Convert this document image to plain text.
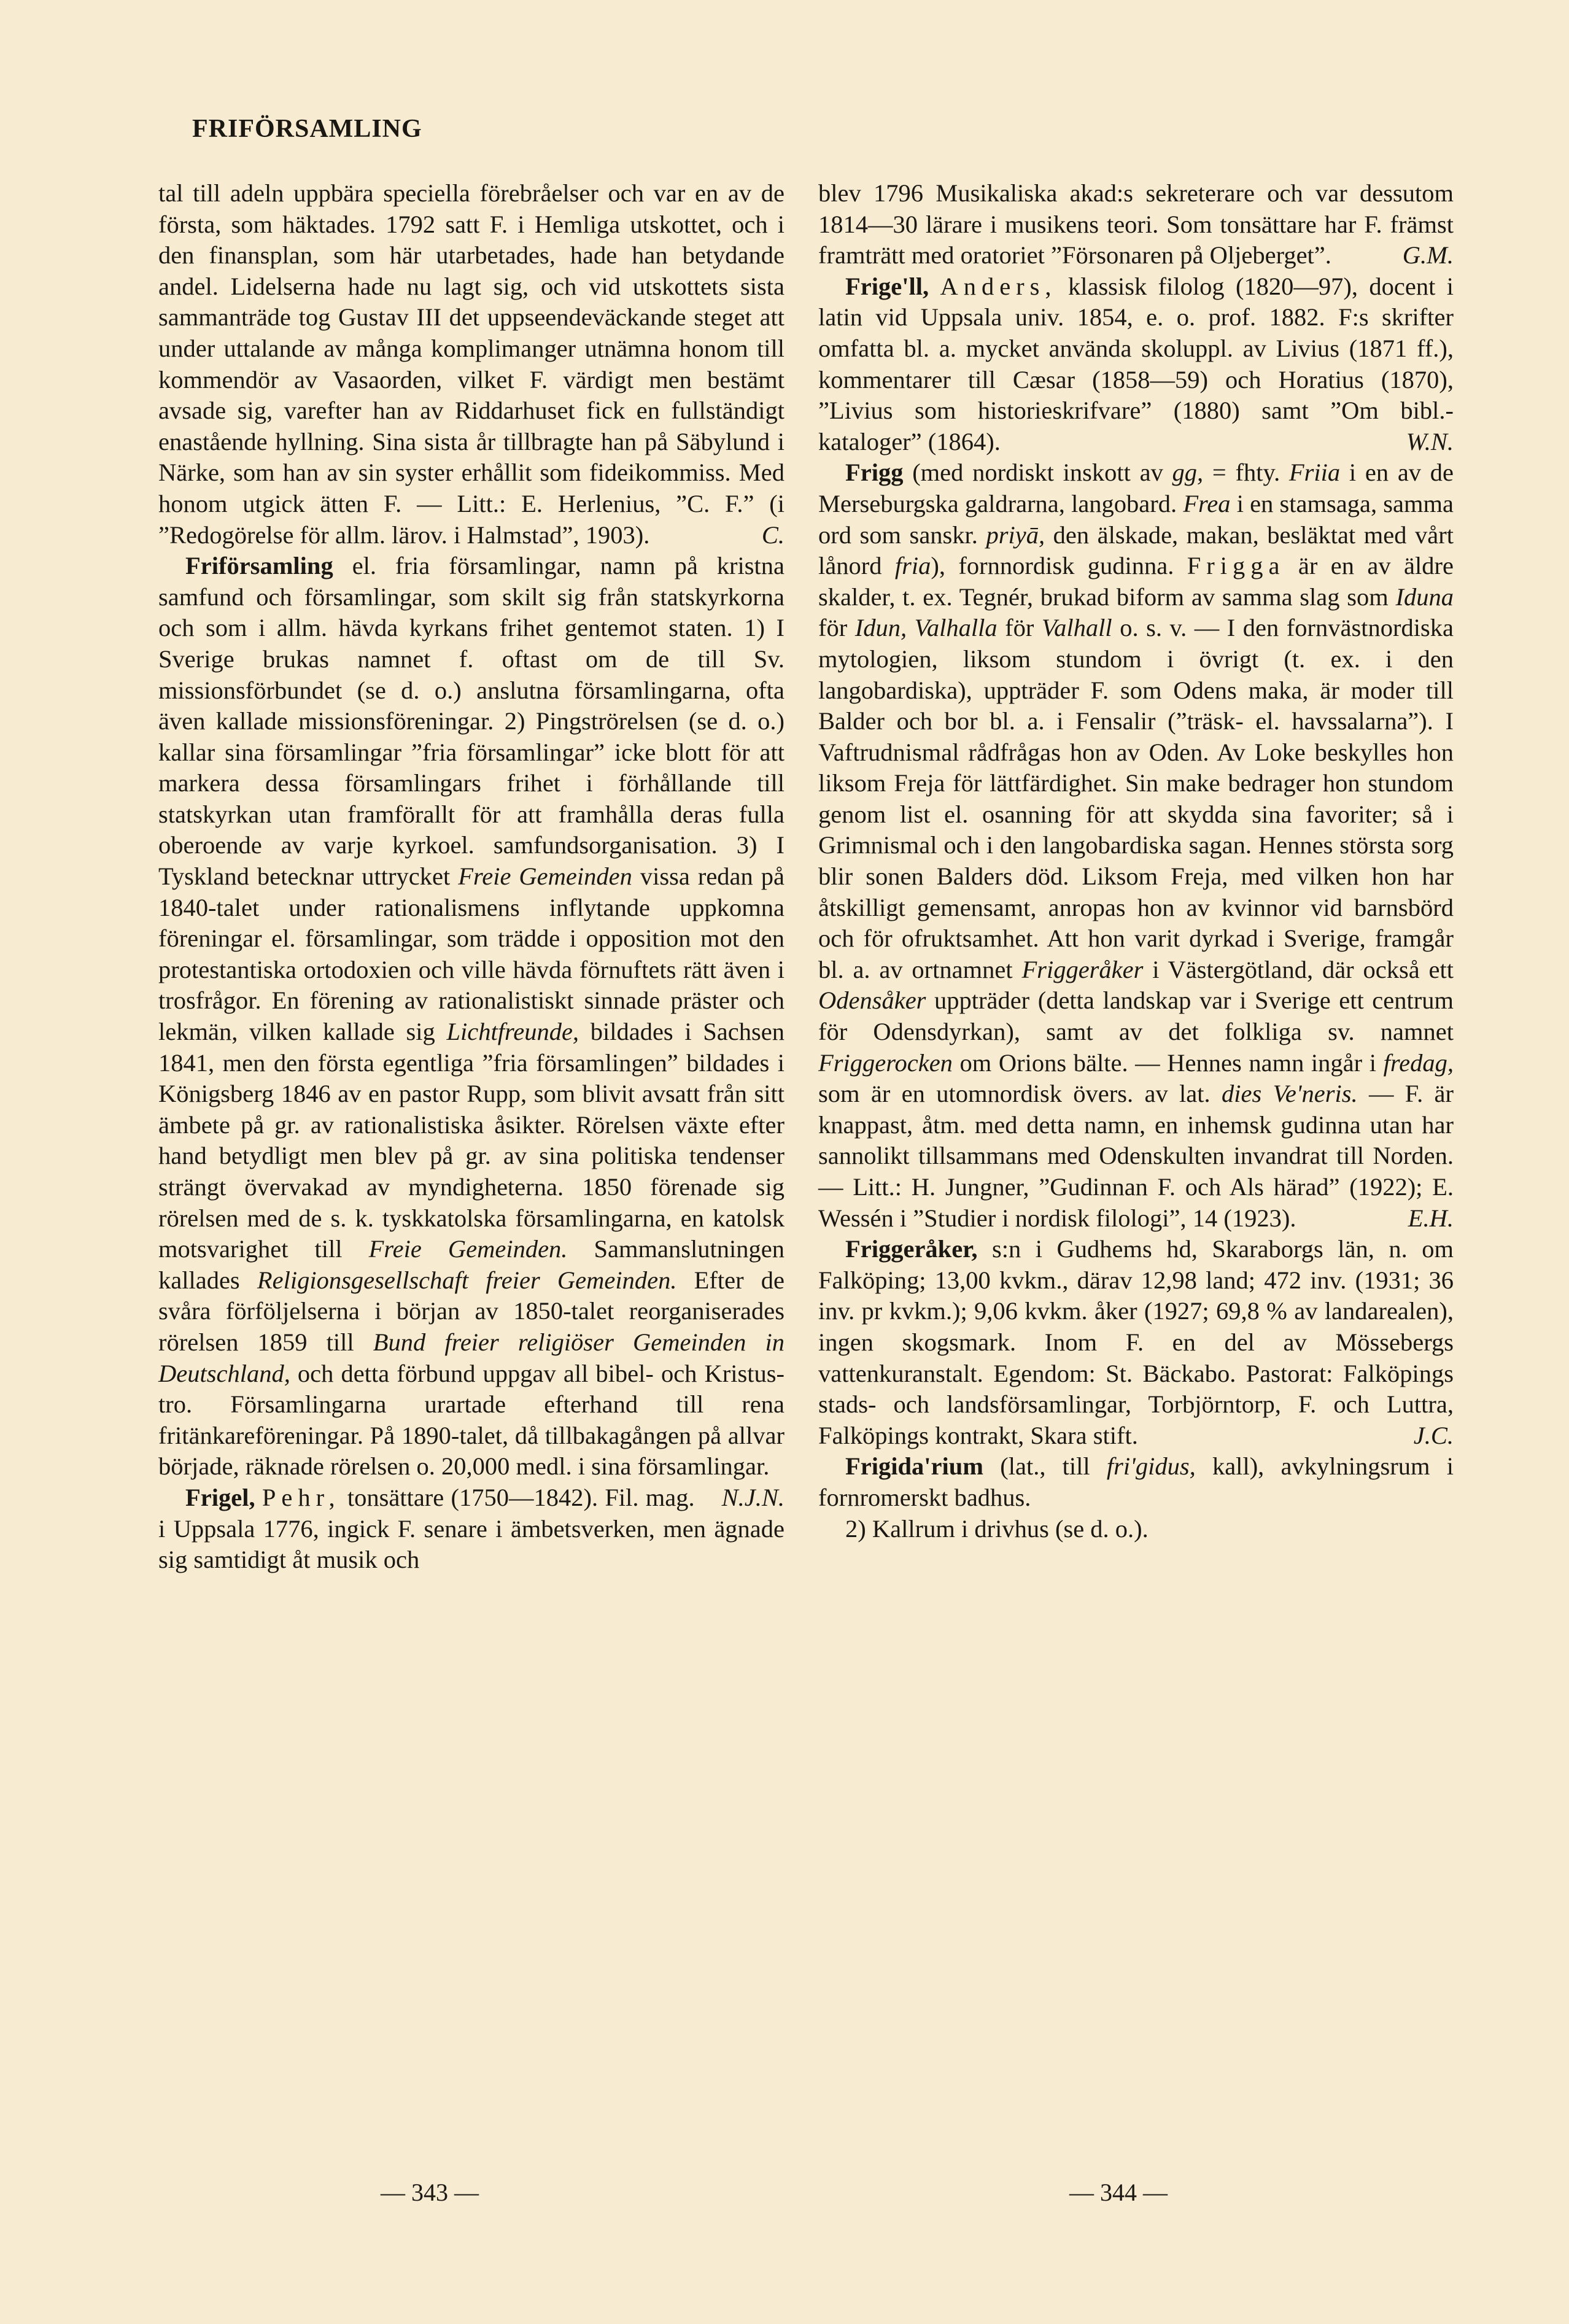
FRIFÖRSAMLING

tal till adeln uppbära speciella förebråelser och var en av de första, som häktades. 1792 satt F. i Hemliga utskottet, och i den finansplan, som här utarbetades, hade han betydande andel. Lidelserna hade nu lagt sig, och vid utskottets sista sammanträde tog Gustav III det uppseendeväckande steget att under uttalande av många komplimanger utnämna honom till kommendör av Vasaorden, vilket F. värdigt men bestämt avsade sig, varefter han av Riddarhuset fick en fullständigt enastående hyllning. Sina sista år tillbragte han på Säbylund i Närke, som han av sin syster erhållit som fideikommiss. Med honom utgick ätten F. — Litt.: E. Herlenius, ”C. F.” (i ”Redogörelse för allm. lärov. i Halmstad”, 1903).	C.

Friförsamling el. fria församlingar, namn på kristna samfund och församlingar, som skilt sig från statskyrkorna och som i allm. hävda kyrkans frihet gentemot staten. 1) I Sverige brukas namnet f. oftast om de till Sv. missionsförbundet (se d. o.) anslutna församlingarna, ofta även kallade missionsföreningar. 2) Pingströrelsen (se d. o.) kallar sina församlingar ”fria församlingar” icke blott för att markera dessa församlingars frihet i förhållande till statskyrkan utan framförallt för att framhålla deras fulla oberoende av varje kyrkoel. samfundsorganisation. 3) I Tyskland betecknar uttrycket Freie Gemeinden vissa redan på 1840-talet under rationalismens inflytande uppkomna föreningar el. församlingar, som trädde i opposition mot den protestantiska ortodoxien och ville hävda förnuftets rätt även i trosfrågor. En förening av rationalistiskt sinnade präster och lekmän, vilken kallade sig Lichtfreunde, bildades i Sachsen 1841, men den första egentliga ”fria församlingen” bildades i Königsberg 1846 av en pastor Rupp, som blivit avsatt från sitt ämbete på gr. av rationalistiska åsikter. Rörelsen växte efter hand betydligt men blev på gr. av sina politiska tendenser strängt övervakad av myndigheterna. 1850 förenade sig rörelsen med de s. k. tyskkatolska församlingarna, en katolsk motsvarighet till Freie Gemeinden. Sammanslutningen kallades Religionsgesellschaft freier Gemeinden. Efter de svåra förföljelserna i början av 1850-talet reorganiserades rörelsen 1859 till Bund freier religiöser Gemeinden in Deutschland, och detta förbund uppgav all bibel- och Kristus-tro. Församlingarna urartade efterhand till rena fritänkareföreningar. På 1890-talet, då tillbakagången på allvar började, räknade rörelsen o. 20,000 medl. i sina församlingar.
N.J.N.

Frigel, Pehr, tonsättare (1750—1842). Fil. mag. i Uppsala 1776, ingick F. senare i ämbetsverken, men ägnade sig samtidigt åt musik och

blev 1796 Musikaliska akad:s sekreterare och var dessutom 1814—30 lärare i musikens teori. Som tonsättare har F. främst framträtt med oratoriet ”Försonaren på Oljeberget”.	G.M.

Frige'll, Anders, klassisk filolog (1820—97), docent i latin vid Uppsala univ. 1854, e. o. prof. 1882. F:s skrifter omfatta bl. a. mycket använda skoluppl. av Livius (1871 ff.), kommentarer till Cæsar (1858—59) och Horatius (1870), ”Livius som historieskrifvare” (1880) samt ”Om bibl.-kataloger” (1864).	W.N.

Frigg (med nordiskt inskott av gg, = fhty. Friia i en av de Merseburgska galdrarna, langobard. Frea i en stamsaga, samma ord som sanskr. priyā, den älskade, makan, besläktat med vårt lånord fria), fornnordisk gudinna. Frigga är en av äldre skalder, t. ex. Tegnér, brukad biform av samma slag som Iduna för Idun, Valhalla för Valhall o. s. v. — I den fornvästnordiska mytologien, liksom stundom i övrigt (t. ex. i den langobardiska), uppträder F. som Odens maka, är moder till Balder och bor bl. a. i Fensalir (”träsk- el. havssalarna”). I Vaftrudnismal rådfrågas hon av Oden. Av Loke beskylles hon liksom Freja för lättfärdighet. Sin make bedrager hon stundom genom list el. osanning för att skydda sina favoriter; så i Grimnismal och i den langobardiska sagan. Hennes största sorg blir sonen Balders död. Liksom Freja, med vilken hon har åtskilligt gemensamt, anropas hon av kvinnor vid barnsbörd och för ofruktsamhet. Att hon varit dyrkad i Sverige, framgår bl. a. av ortnamnet Friggeråker i Västergötland, där också ett Odensåker uppträder (detta landskap var i Sverige ett centrum för Odensdyrkan), samt av det folkliga sv. namnet Friggerocken om Orions bälte. — Hennes namn ingår i fredag, som är en utomnordisk övers. av lat. dies Ve'neris. — F. är knappast, åtm. med detta namn, en inhemsk gudinna utan har sannolikt tillsammans med Odenskulten invandrat till Norden. — Litt.: H. Jungner, ”Gudinnan F. och Als härad” (1922); E. Wessén i ”Studier i nordisk filologi”, 14 (1923).	E.H.

Friggeråker, s:n i Gudhems hd, Skaraborgs län, n. om Falköping; 13,00 kvkm., därav 12,98 land; 472 inv. (1931; 36 inv. pr kvkm.); 9,06 kvkm. åker (1927; 69,8 % av landarealen), ingen skogsmark. Inom F. en del av Mössebergs vattenkuranstalt. Egendom: St. Bäckabo. Pastorat: Falköpings stads- och landsförsamlingar, Torbjörntorp, F. och Luttra, Falköpings kontrakt, Skara stift.	J.C.

Frigida'rium (lat., till fri'gidus, kall), avkylningsrum i fornromerskt badhus.

2) Kallrum i drivhus (se d. o.).

— 343 —	— 344 —
